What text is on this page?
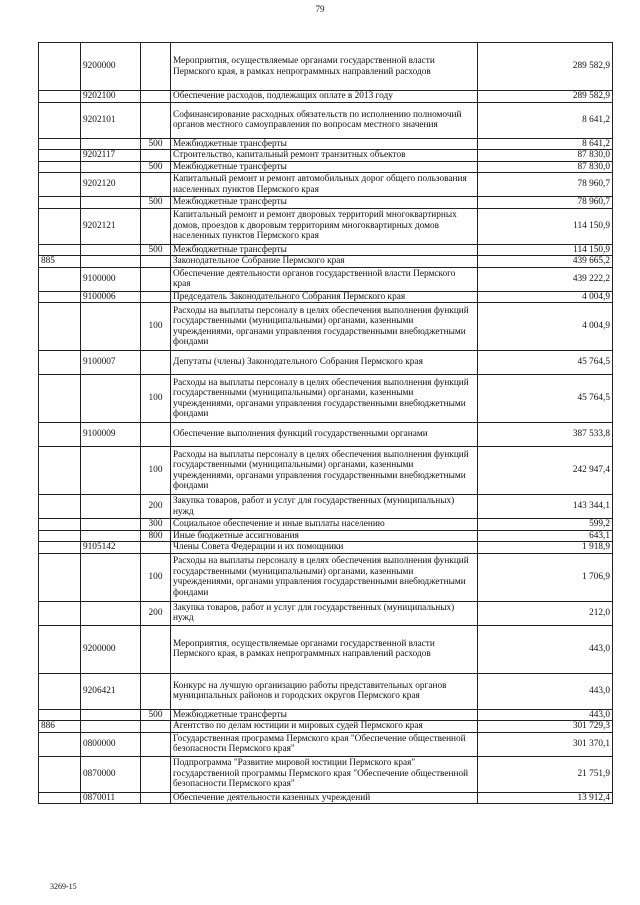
79
	9200000		Мероприятия, осуществляемые органами государственной власти Пермского края, в рамках непрограммных направлений расходов	289 582,9
	9202100		Обеспечение расходов, подлежащих оплате в 2013 году	289 582,9
	9202101		Софинансирование расходных обязательств по исполнению полномочий органов местного самоуправления по вопросам местного значения	8 641,2
		500	Межбюджетные трансферты	8 641,2
	9202117		Строительство, капитальный ремонт транзитных объектов	87 830,0
		500	Межбюджетные трансферты	87 830,0
	9202120		Капитальный ремонт и ремонт автомобильных дорог общего пользования населенных пунктов Пермского края	78 960,7
		500	Межбюджетные трансферты	78 960,7
	9202121		Капитальный ремонт и ремонт дворовых территорий многоквартирных домов, проездов к дворовым территориям многоквартирных домов населенных пунктов Пермского края	114 150,9
		500	Межбюджетные трансферты	114 150,9
885			Законодательное Собрание Пермского края	439 665,2
	9100000		Обеспечение деятельности органов государственной власти Пермского края	439 222,2
	9100006		Председатель Законодательного Собрания Пермского края	4 004,9
		100	Расходы на выплаты персоналу в целях обеспечения выполнения функций государственными (муниципальными) органами, казенными учреждениями, органами управления государственными внебюджетными фондами	4 004,9
	9100007		Депутаты (члены) Законодательного Собрания Пермского края	45 764,5
		100	Расходы на выплаты персоналу в целях обеспечения выполнения функций государственными (муниципальными) органами, казенными учреждениями, органами управления государственными внебюджетными фондами	45 764,5
	9100009		Обеспечение выполнения функций государственными органами	387 533,8
		100	Расходы на выплаты персоналу в целях обеспечения выполнения функций государственными (муниципальными) органами, казенными учреждениями, органами управления государственными внебюджетными фондами	242 947,4
		200	Закупка товаров, работ и услуг для государственных (муниципальных) нужд	143 344,1
		300	Социальное обеспечение и иные выплаты населению	599,2
		800	Иные бюджетные ассигнования	643,1
	9105142		Члены Совета Федерации и их помощники	1 918,9
		100	Расходы на выплаты персоналу в целях обеспечения выполнения функций государственными (муниципальными) органами, казенными учреждениями, органами управления государственными внебюджетными фондами	1 706,9
		200	Закупка товаров, работ и услуг для государственных (муниципальных) нужд	212,0
	9200000		Мероприятия, осуществляемые органами государственной власти Пермского края, в рамках непрограммных направлений расходов	443,0
	9206421		Конкурс на лучшую организацию работы представительных органов муниципальных районов и городских округов Пермского края	443,0
		500	Межбюджетные трансферты	443,0
886			Агентство по делам юстиции и мировых судей Пермского края	301 729,3
	0800000		Государственная программа Пермского края "Обеспечение общественной безопасности Пермского края"	301 370,1
	0870000		Подпрограмма "Развитие мировой юстиции Пермского края" государственной программы Пермского края "Обеспечение общественной безопасности Пермского края"	21 751,9
	0870011		Обеспечение деятельности казенных учреждений	13 912,4
3269-15
